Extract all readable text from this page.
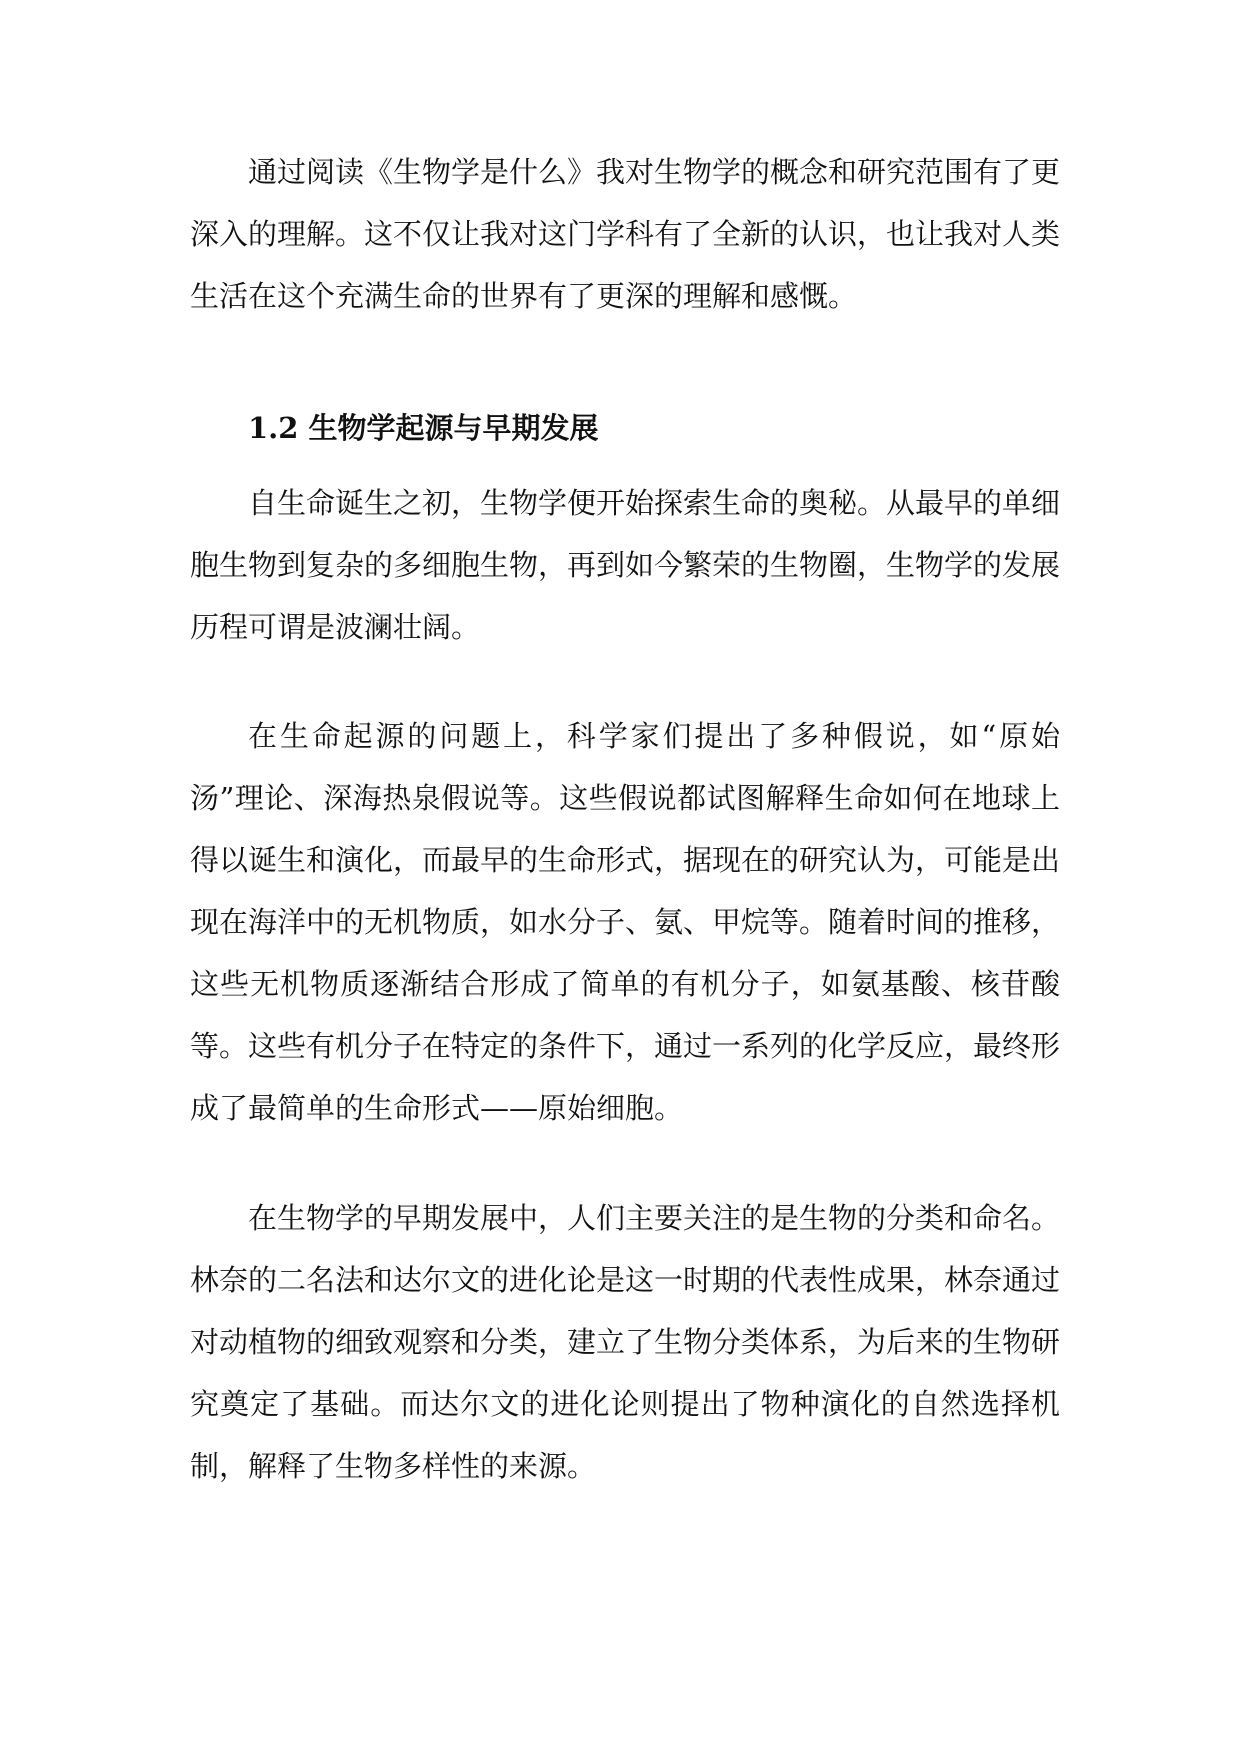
通过阅读《生物学是什么》我对生物学的概念和研究范围有了更深入的理解。这不仅让我对这门学科有了全新的认识，也让我对人类生活在这个充满生命的世界有了更深的理解和感慨。

1.2 生物学起源与早期发展

自生命诞生之初，生物学便开始探索生命的奥秘。从最早的单细胞生物到复杂的多细胞生物，再到如今繁荣的生物圈，生物学的发展历程可谓是波澜壮阔。

在生命起源的问题上，科学家们提出了多种假说，如“原始汤”理论、深海热泉假说等。这些假说都试图解释生命如何在地球上得以诞生和演化，而最早的生命形式，据现在的研究认为，可能是出现在海洋中的无机物质，如水分子、氨、甲烷等。随着时间的推移，这些无机物质逐渐结合形成了简单的有机分子，如氨基酸、核苷酸等。这些有机分子在特定的条件下，通过一系列的化学反应，最终形成了最简单的生命形式——原始细胞。

在生物学的早期发展中，人们主要关注的是生物的分类和命名。林奈的二名法和达尔文的进化论是这一时期的代表性成果，林奈通过对动植物的细致观察和分类，建立了生物分类体系，为后来的生物研究奠定了基础。而达尔文的进化论则提出了物种演化的自然选择机制，解释了生物多样性的来源。
